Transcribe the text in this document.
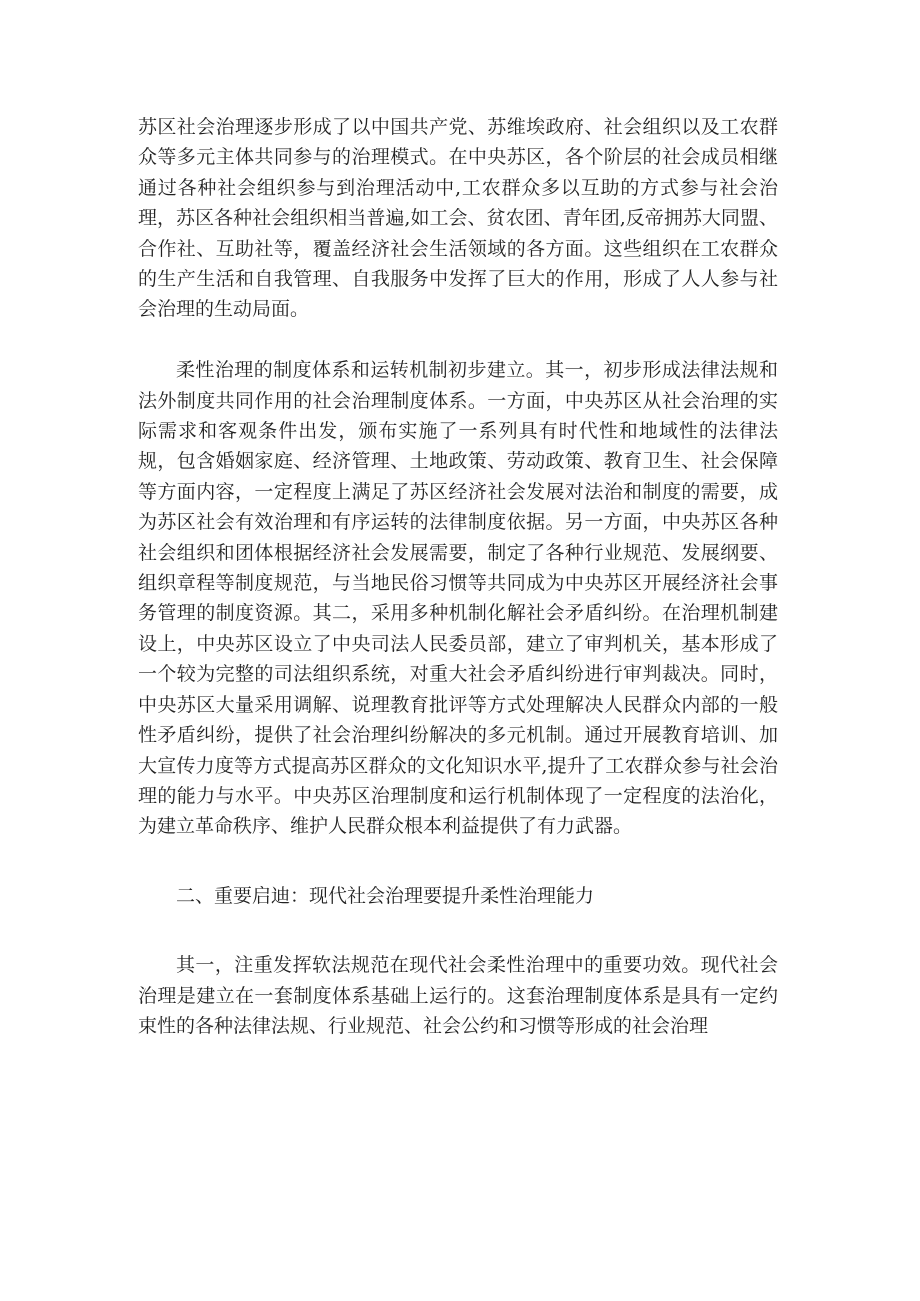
苏区社会治理逐步形成了以中国共产党、苏维埃政府、社会组织以及工农群众等多元主体共同参与的治理模式。在中央苏区，各个阶层的社会成员相继通过各种社会组织参与到治理活动中,工农群众多以互助的方式参与社会治理，苏区各种社会组织相当普遍,如工会、贫农团、青年团,反帝拥苏大同盟、合作社、互助社等，覆盖经济社会生活领域的各方面。这些组织在工农群众的生产生活和自我管理、自我服务中发挥了巨大的作用，形成了人人参与社会治理的生动局面。

柔性治理的制度体系和运转机制初步建立。其一，初步形成法律法规和法外制度共同作用的社会治理制度体系。一方面，中央苏区从社会治理的实际需求和客观条件出发，颁布实施了一系列具有时代性和地域性的法律法规，包含婚姻家庭、经济管理、土地政策、劳动政策、教育卫生、社会保障等方面内容，一定程度上满足了苏区经济社会发展对法治和制度的需要，成为苏区社会有效治理和有序运转的法律制度依据。另一方面，中央苏区各种社会组织和团体根据经济社会发展需要，制定了各种行业规范、发展纲要、组织章程等制度规范，与当地民俗习惯等共同成为中央苏区开展经济社会事务管理的制度资源。其二，采用多种机制化解社会矛盾纠纷。在治理机制建设上，中央苏区设立了中央司法人民委员部，建立了审判机关，基本形成了一个较为完整的司法组织系统，对重大社会矛盾纠纷进行审判裁决。同时，中央苏区大量采用调解、说理教育批评等方式处理解决人民群众内部的一般性矛盾纠纷，提供了社会治理纠纷解决的多元机制。通过开展教育培训、加大宣传力度等方式提高苏区群众的文化知识水平,提升了工农群众参与社会治理的能力与水平。中央苏区治理制度和运行机制体现了一定程度的法治化，为建立革命秩序、维护人民群众根本利益提供了有力武器。

二、重要启迪：现代社会治理要提升柔性治理能力

其一，注重发挥软法规范在现代社会柔性治理中的重要功效。现代社会治理是建立在一套制度体系基础上运行的。这套治理制度体系是具有一定约束性的各种法律法规、行业规范、社会公约和习惯等形成的社会治理
